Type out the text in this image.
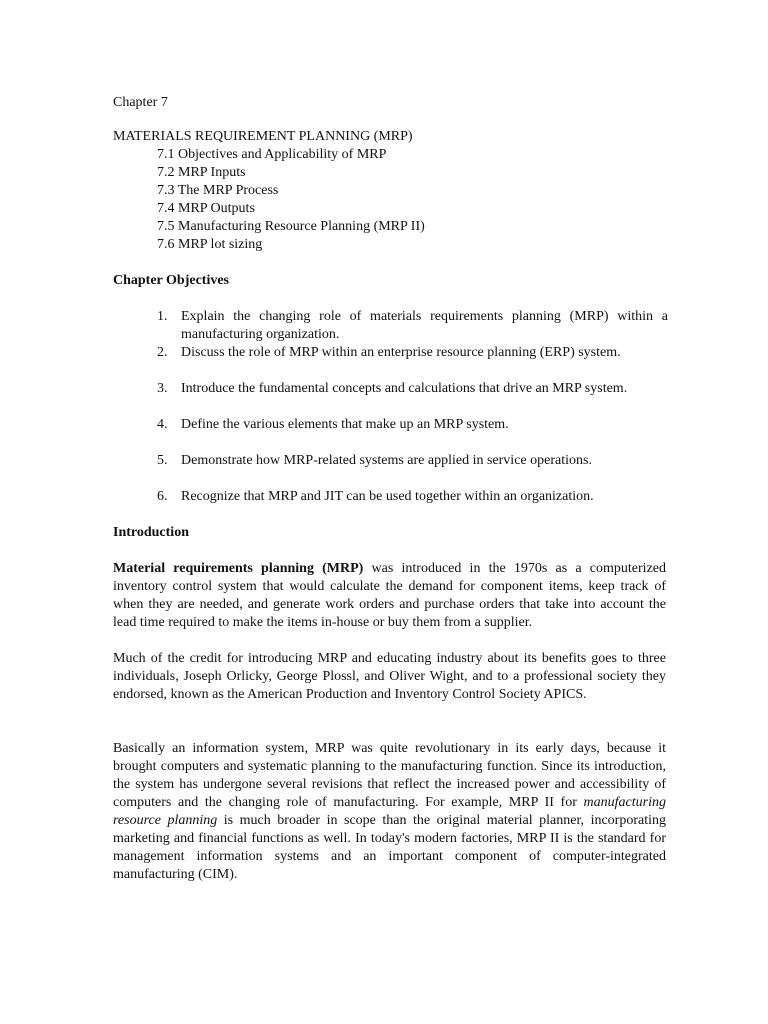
Chapter 7
MATERIALS REQUIREMENT PLANNING (MRP)
7.1 Objectives and Applicability of MRP
7.2 MRP Inputs
7.3 The MRP Process
7.4 MRP Outputs
7.5 Manufacturing Resource Planning (MRP II)
7.6 MRP lot sizing
Chapter Objectives
1. Explain the changing role of materials requirements planning (MRP) within a manufacturing organization.
2. Discuss the role of MRP within an enterprise resource planning (ERP) system.
3. Introduce the fundamental concepts and calculations that drive an MRP system.
4. Define the various elements that make up an MRP system.
5. Demonstrate how MRP-related systems are applied in service operations.
6. Recognize that MRP and JIT can be used together within an organization.
Introduction

Material requirements planning (MRP) was introduced in the 1970s as a computerized inventory control system that would calculate the demand for component items, keep track of when they are needed, and generate work orders and purchase orders that take into account the lead time required to make the items in-house or buy them from a supplier.

Much of the credit for introducing MRP and educating industry about its benefits goes to three individuals, Joseph Orlicky, George Plossl, and Oliver Wight, and to a professional society they endorsed, known as the American Production and Inventory Control Society APICS.

Basically an information system, MRP was quite revolutionary in its early days, because it brought computers and systematic planning to the manufacturing function. Since its introduction, the system has undergone several revisions that reflect the increased power and accessibility of computers and the changing role of manufacturing. For example, MRP II for manufacturing resource planning is much broader in scope than the original material planner, incorporating marketing and financial functions as well. In today's modern factories, MRP II is the standard for management information systems and an important component of computer-integrated manufacturing (CIM).
